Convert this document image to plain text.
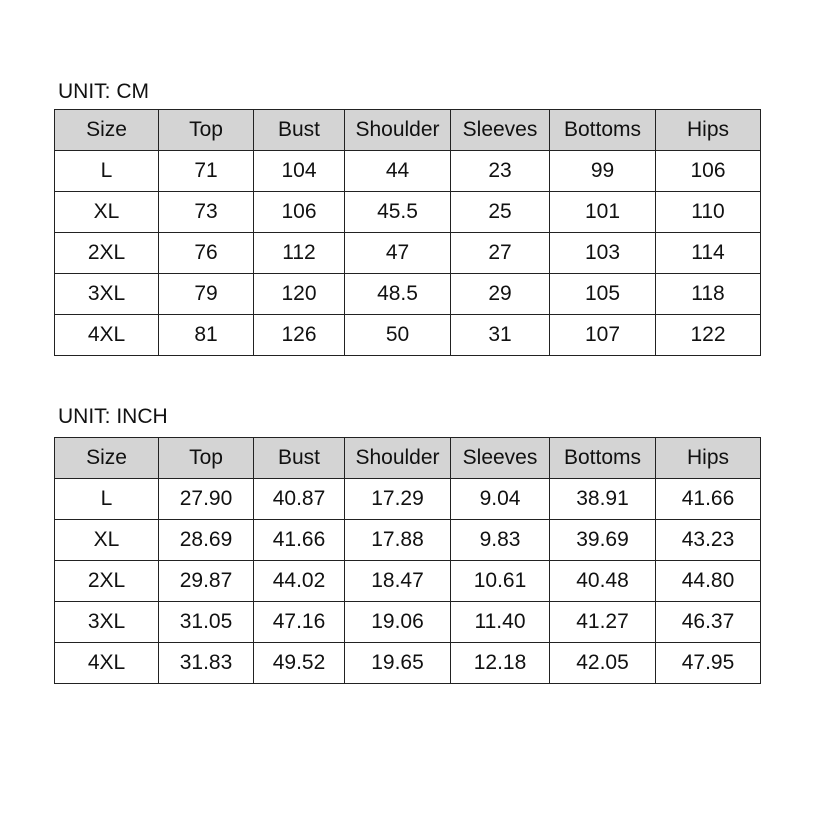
UNIT: CM
Size	Top	Bust	Shoulder	Sleeves	Bottoms	Hips
L	71	104	44	23	99	106
XL	73	106	45.5	25	101	110
2XL	76	112	47	27	103	114
3XL	79	120	48.5	29	105	118
4XL	81	126	50	31	107	122
UNIT: INCH
Size	Top	Bust	Shoulder	Sleeves	Bottoms	Hips
L	27.90	40.87	17.29	9.04	38.91	41.66
XL	28.69	41.66	17.88	9.83	39.69	43.23
2XL	29.87	44.02	18.47	10.61	40.48	44.80
3XL	31.05	47.16	19.06	11.40	41.27	46.37
4XL	31.83	49.52	19.65	12.18	42.05	47.95
